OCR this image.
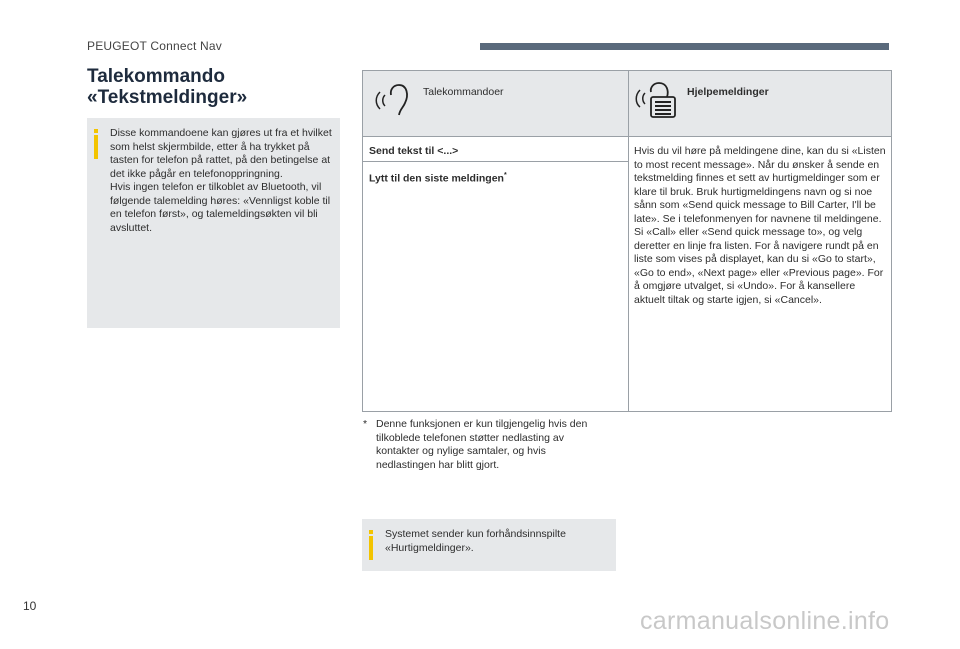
PEUGEOT Connect Nav
Talekommando
«Tekstmeldinger»
Disse kommandoene kan gjøres ut fra et hvilket som helst skjermbilde, etter å ha trykket på tasten for telefon på rattet, på den betingelse at det ikke pågår en telefonoppringning.
Hvis ingen telefon er tilkoblet av Bluetooth, vil følgende talemelding høres: «Vennligst koble til en telefon først», og talemeldingsøkten vil bli avsluttet.
Talekommandoer	Hjelpemeldinger
Send tekst til <...>
Lytt til den siste meldingen*
Hvis du vil høre på meldingene dine, kan du si «Listen to most recent message». Når du ønsker å sende en tekstmelding finnes et sett av hurtigmeldinger som er klare til bruk. Bruk hurtigmeldingens navn og si noe sånn som «Send quick message to Bill Carter, I'll be late». Se i telefonmenyen for navnene til meldingene. Si «Call» eller «Send quick message to», og velg deretter en linje fra listen. For å navigere rundt på en liste som vises på displayet, kan du si «Go to start», «Go to end», «Next page» eller «Previous page». For å omgjøre utvalget, si «Undo». For å kansellere aktuelt tiltak og starte igjen, si «Cancel».
* Denne funksjonen er kun tilgjengelig hvis den tilkoblede telefonen støtter nedlasting av kontakter og nylige samtaler, og hvis nedlastingen har blitt gjort.
Systemet sender kun forhåndsinnspilte «Hurtigmeldinger».
10
carmanualsonline.info
